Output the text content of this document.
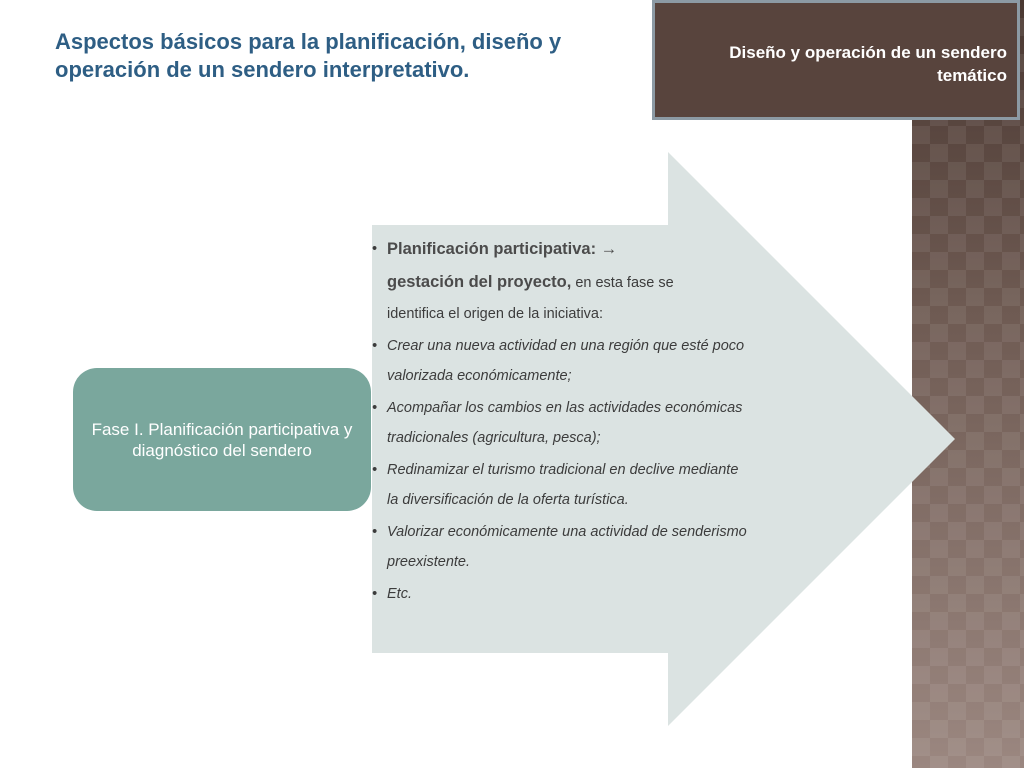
Diseño y operación de un sendero temático
Aspectos básicos para la planificación, diseño y operación de un sendero interpretativo.
Fase I. Planificación participativa y diagnóstico del sendero
• Planificación participativa: →
gestación del proyecto, en esta fase se
identifica el origen de la iniciativa:
• Crear una nueva actividad en una región que esté poco valorizada económicamente;
• Acompañar los cambios en las actividades económicas tradicionales (agricultura, pesca);
• Redinamizar el turismo tradicional en declive mediante la diversificación de la oferta turística.
• Valorizar económicamente una actividad de senderismo preexistente.
• Etc.
